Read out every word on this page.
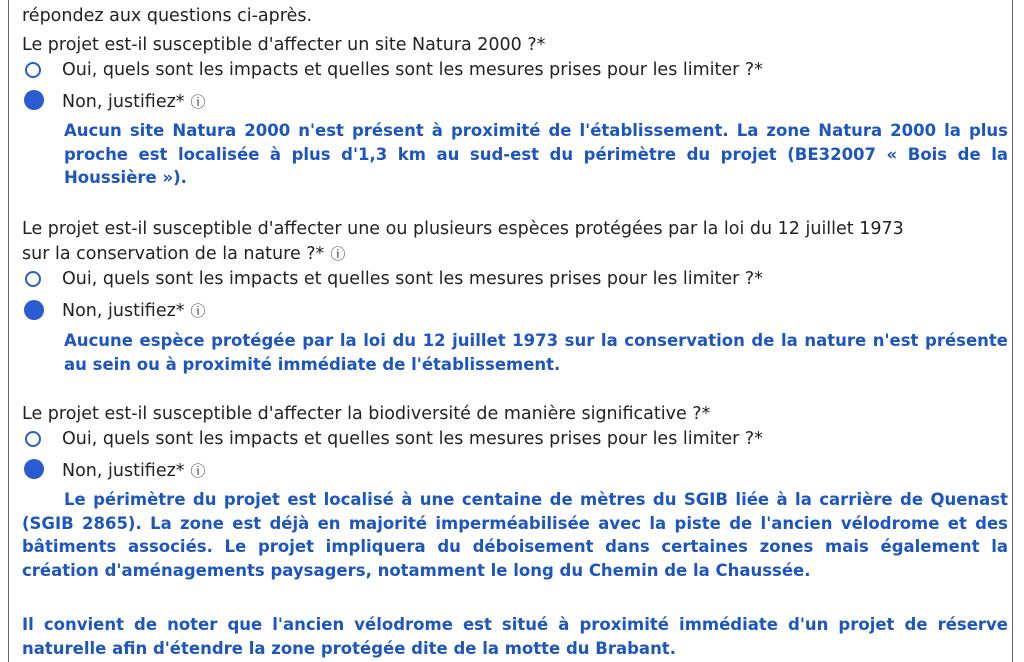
répondez aux questions ci-après.
Le projet est-il susceptible d'affecter un site Natura 2000 ?*
Oui, quels sont les impacts et quelles sont les mesures prises pour les limiter ?*
Non, justifiez* ⓘ
Aucun site Natura 2000 n'est présent à proximité de l'établissement. La zone Natura 2000 la plus proche est localisée à plus d'1,3 km au sud-est du périmètre du projet (BE32007 « Bois de la Houssière »).
Le projet est-il susceptible d'affecter une ou plusieurs espèces protégées par la loi du 12 juillet 1973
sur la conservation de la nature ?* ⓘ
Oui, quels sont les impacts et quelles sont les mesures prises pour les limiter ?*
Non, justifiez* ⓘ
Aucune espèce protégée par la loi du 12 juillet 1973 sur la conservation de la nature n'est présente au sein ou à proximité immédiate de l'établissement.
Le projet est-il susceptible d'affecter la biodiversité de manière significative ?*
Oui, quels sont les impacts et quelles sont les mesures prises pour les limiter ?*
Non, justifiez* ⓘ
Le périmètre du projet est localisé à une centaine de mètres du SGIB liée à la carrière de Quenast (SGIB 2865). La zone est déjà en majorité imperméabilisée avec la piste de l'ancien vélodrome et des bâtiments associés. Le projet impliquera du déboisement dans certaines zones mais également la création d'aménagements paysagers, notamment le long du Chemin de la Chaussée.
Il convient de noter que l'ancien vélodrome est situé à proximité immédiate d'un projet de réserve naturelle afin d'étendre la zone protégée dite de la motte du Brabant.
